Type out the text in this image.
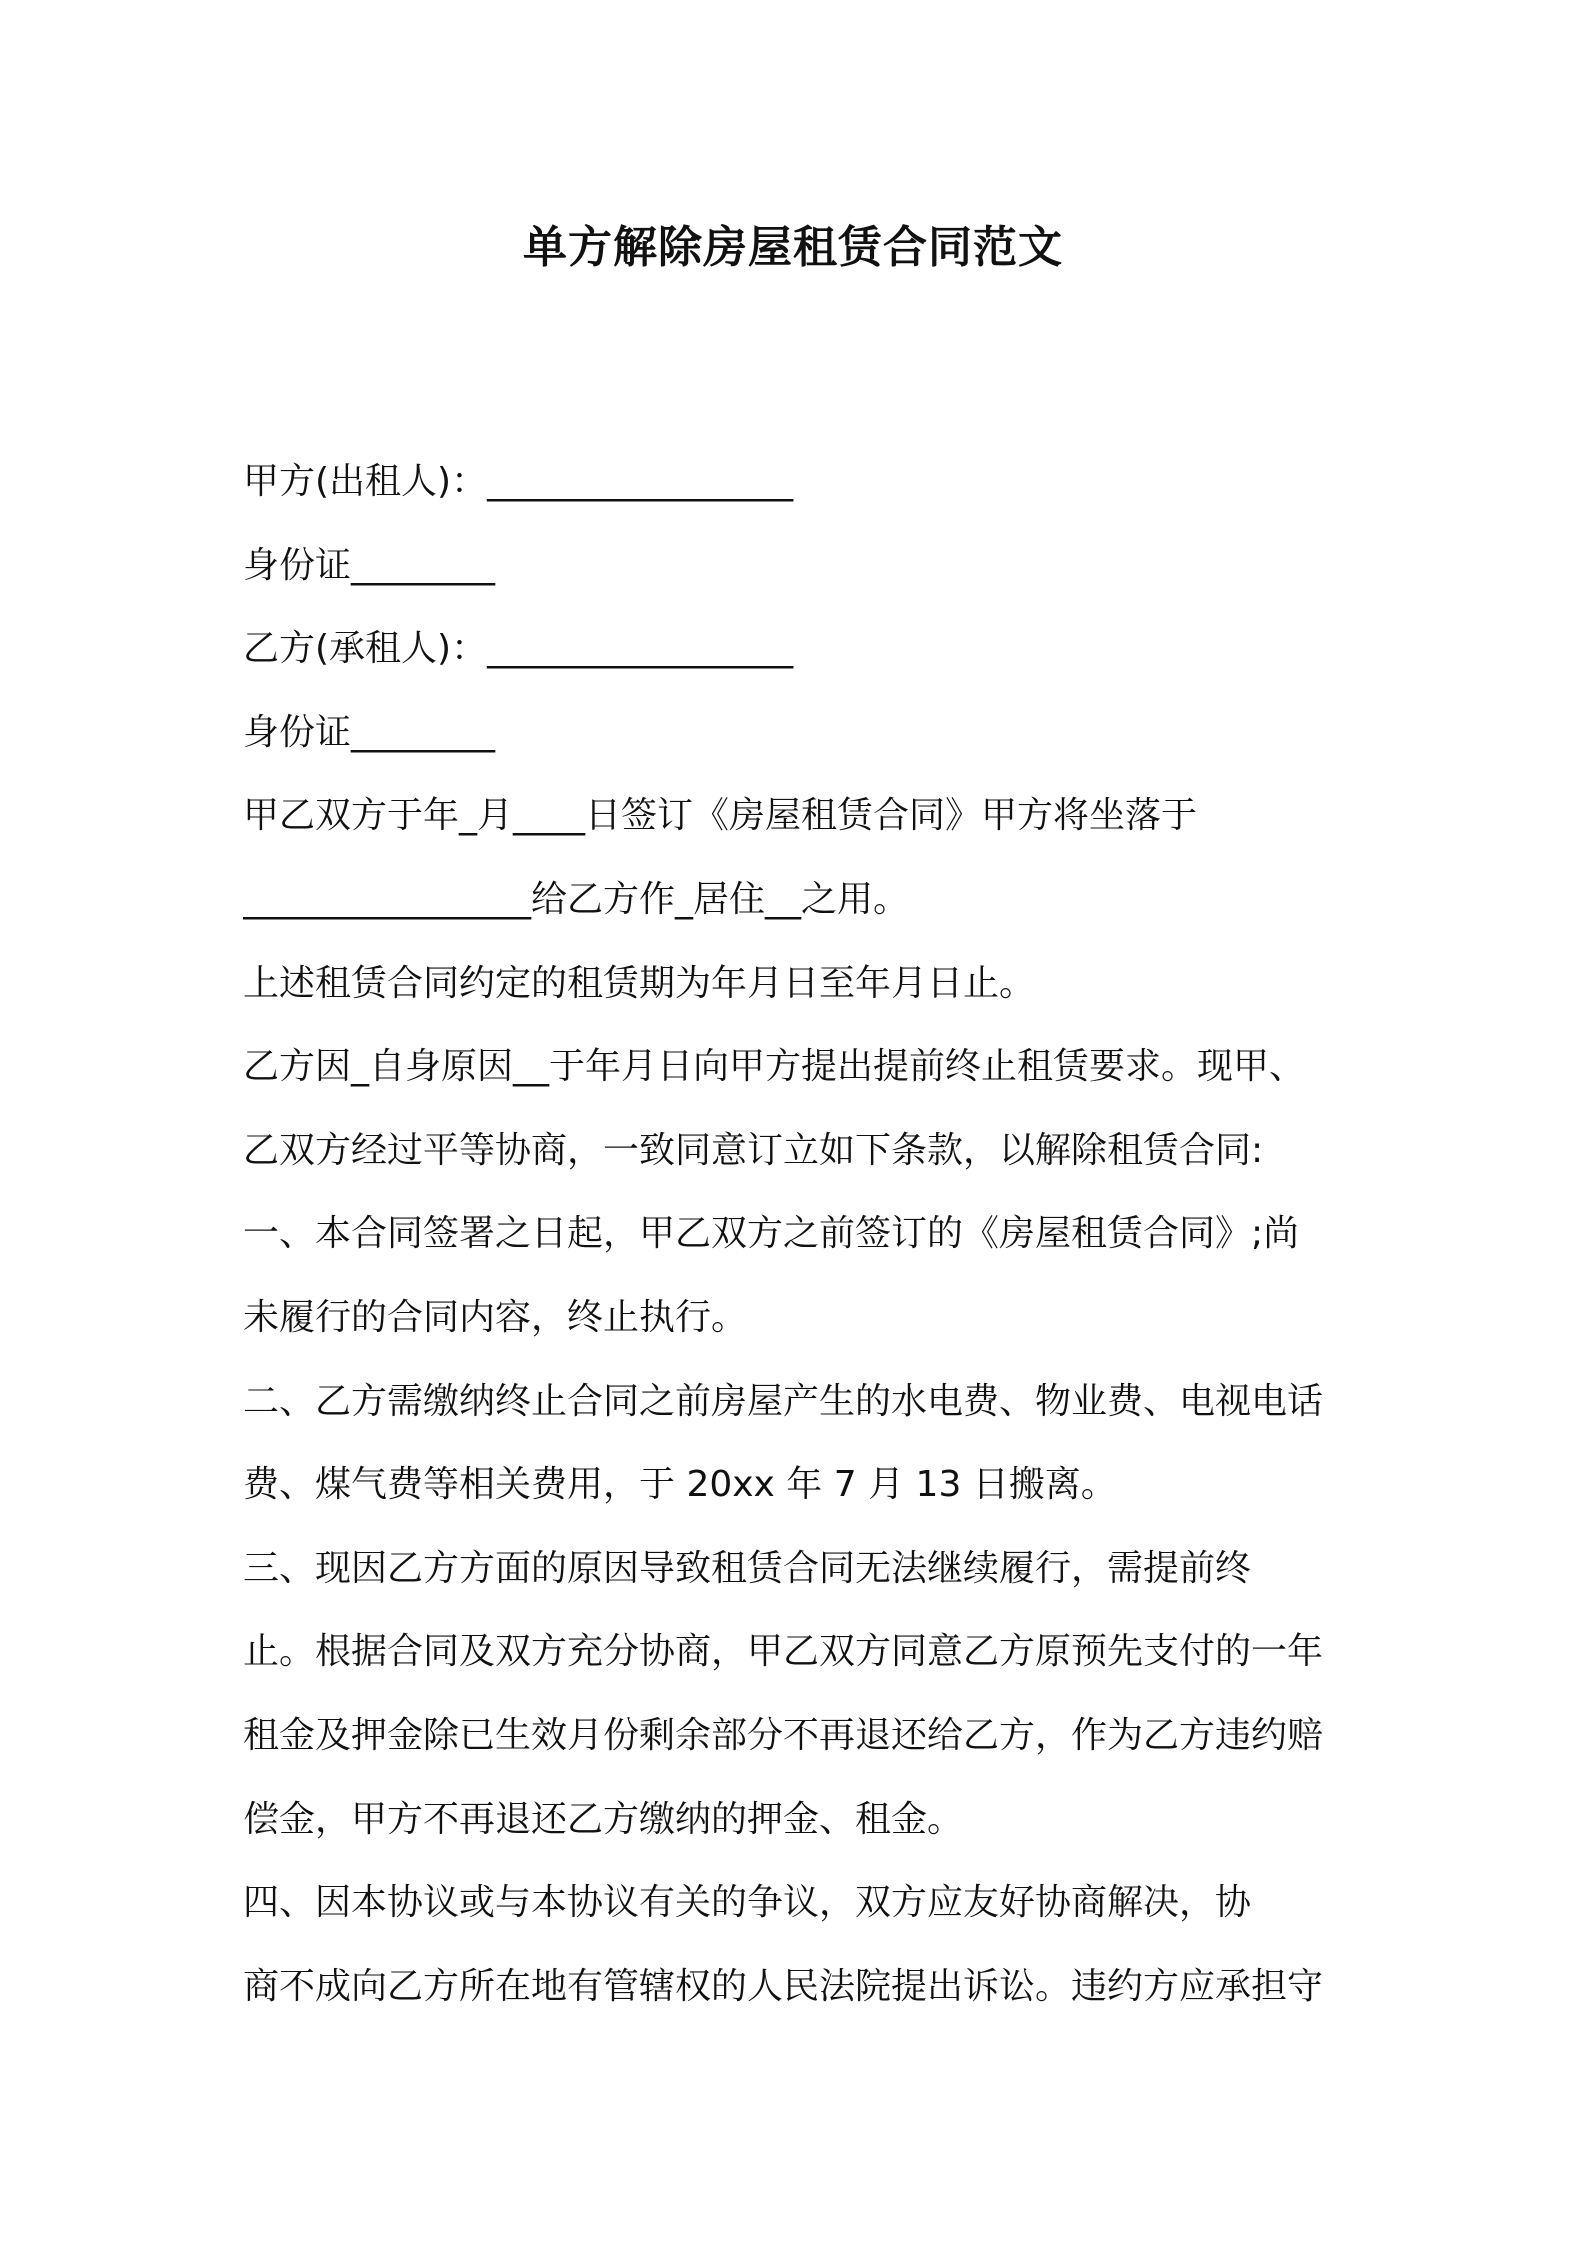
单方解除房屋租赁合同范文
甲方(出租人)：_________________
身份证________
乙方(承租人)：_________________
身份证________
甲乙双方于年_月____日签订《房屋租赁合同》甲方将坐落于
________________给乙方作_居住__之用。
上述租赁合同约定的租赁期为年月日至年月日止。
乙方因_自身原因__于年月日向甲方提出提前终止租赁要求。现甲、
乙双方经过平等协商，一致同意订立如下条款，以解除租赁合同:
一、本合同签署之日起，甲乙双方之前签订的《房屋租赁合同》;尚
未履行的合同内容，终止执行。
二、乙方需缴纳终止合同之前房屋产生的水电费、物业费、电视电话
费、煤气费等相关费用，于 20xx 年 7 月 13 日搬离。
三、现因乙方方面的原因导致租赁合同无法继续履行，需提前终
止。根据合同及双方充分协商，甲乙双方同意乙方原预先支付的一年
租金及押金除已生效月份剩余部分不再退还给乙方，作为乙方违约赔
偿金，甲方不再退还乙方缴纳的押金、租金。
四、因本协议或与本协议有关的争议，双方应友好协商解决，协
商不成向乙方所在地有管辖权的人民法院提出诉讼。违约方应承担守
